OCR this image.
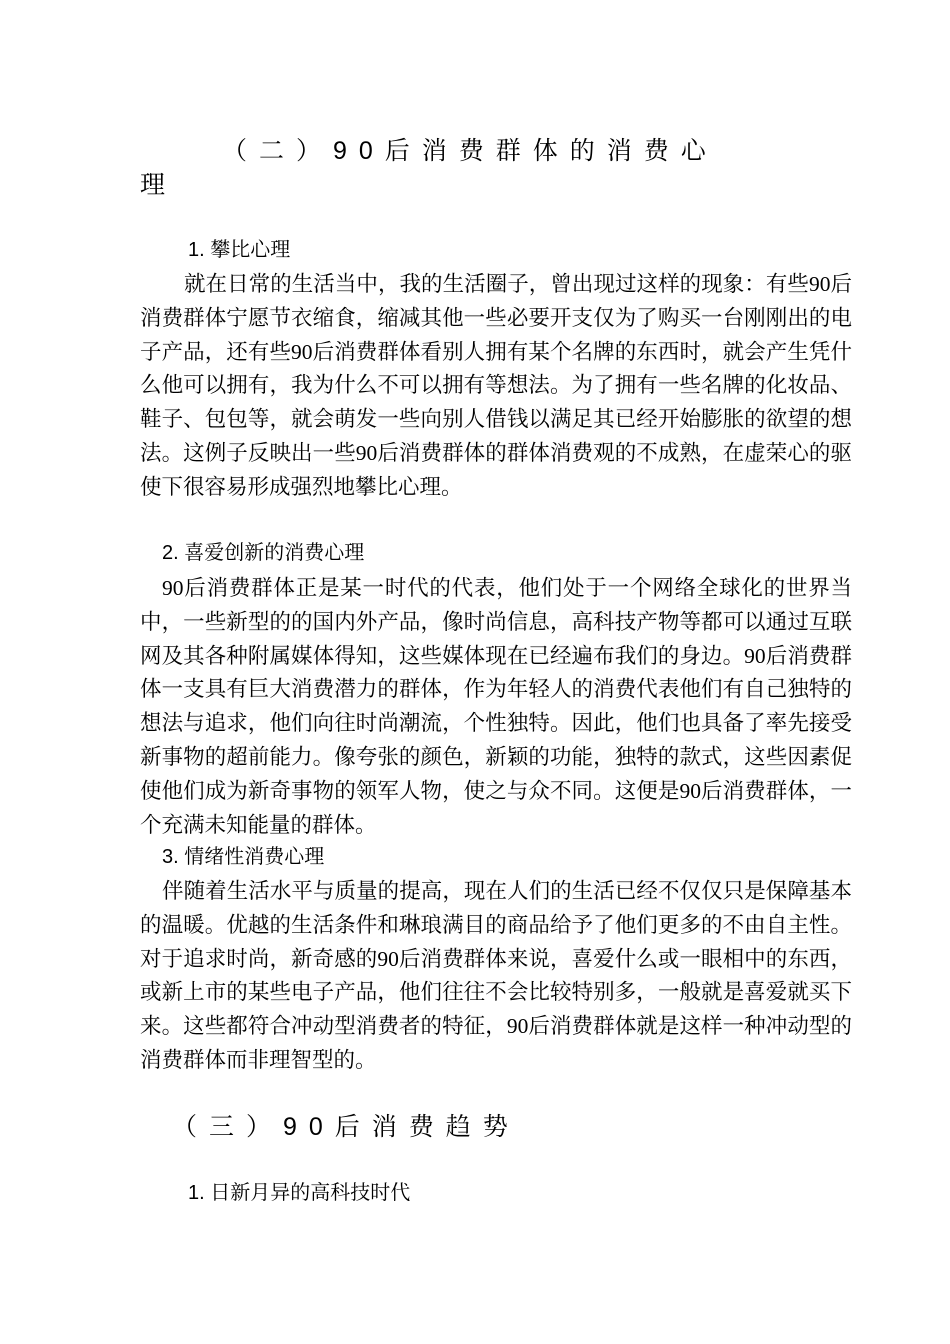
（二）90后消费群体的消费心
理
1. 攀比心理

就在日常的生活当中，我的生活圈子，曾出现过这样的现象：有些90后消费群体宁愿节衣缩食，缩减其他一些必要开支仅为了购买一台刚刚出的电子产品，还有些90后消费群体看别人拥有某个名牌的东西时，就会产生凭什么他可以拥有，我为什么不可以拥有等想法。为了拥有一些名牌的化妆品、鞋子、包包等，就会萌发一些向别人借钱以满足其已经开始膨胀的欲望的想法。这例子反映出一些90后消费群体的群体消费观的不成熟，在虚荣心的驱使下很容易形成强烈地攀比心理。

2. 喜爱创新的消费心理

90后消费群体正是某一时代的代表，他们处于一个网络全球化的世界当中，一些新型的的国内外产品，像时尚信息，高科技产物等都可以通过互联网及其各种附属媒体得知，这些媒体现在已经遍布我们的身边。90后消费群体一支具有巨大消费潜力的群体，作为年轻人的消费代表他们有自己独特的想法与追求，他们向往时尚潮流，个性独特。因此，他们也具备了率先接受新事物的超前能力。像夸张的颜色，新颖的功能，独特的款式，这些因素促使他们成为新奇事物的领军人物，使之与众不同。这便是90后消费群体，一个充满未知能量的群体。

3. 情绪性消费心理

伴随着生活水平与质量的提高，现在人们的生活已经不仅仅只是保障基本的温暖。优越的生活条件和琳琅满目的商品给予了他们更多的不由自主性。对于追求时尚，新奇感的90后消费群体来说，喜爱什么或一眼相中的东西，或新上市的某些电子产品，他们往往不会比较特别多，一般就是喜爱就买下来。这些都符合冲动型消费者的特征，90后消费群体就是这样一种冲动型的消费群体而非理智型的。

（三）90后消费趋势
1. 日新月异的高科技时代
